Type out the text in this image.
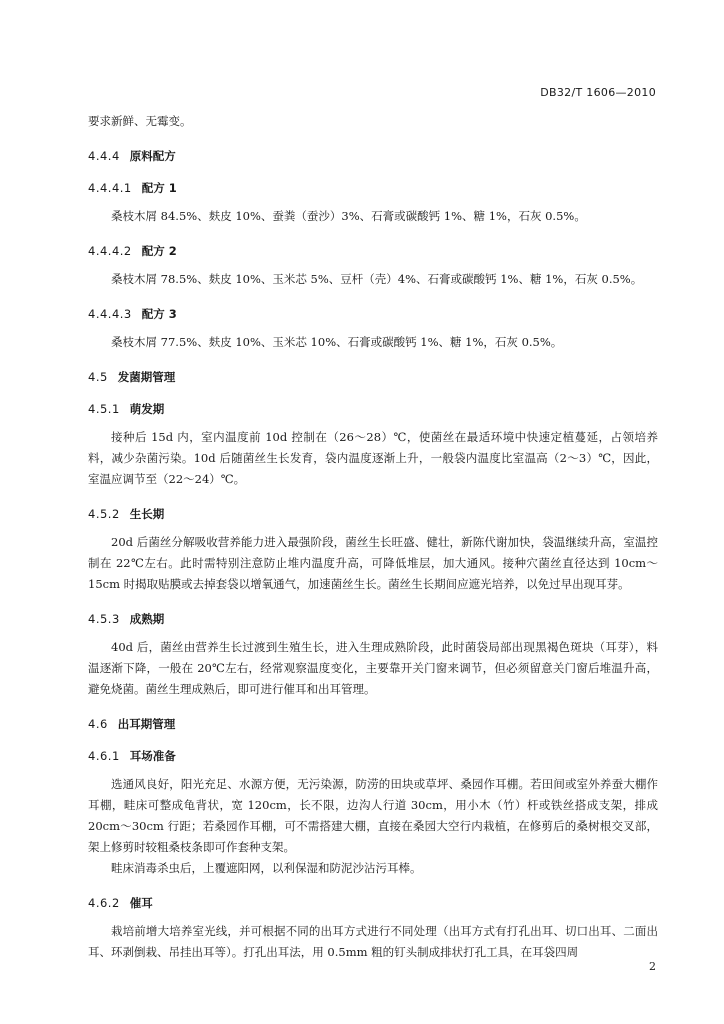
DB32/T 1606—2010

要求新鲜、无霉变。

4.4.4 原料配方
4.4.4.1 配方 1

桑枝木屑 84.5%、麸皮 10%、蚕粪（蚕沙）3%、石膏或碳酸钙 1%、糖 1%，石灰 0.5%。

4.4.4.2 配方 2

桑枝木屑 78.5%、麸皮 10%、玉米芯 5%、豆杆（壳）4%、石膏或碳酸钙 1%、糖 1%，石灰 0.5%。

4.4.4.3 配方 3

桑枝木屑 77.5%、麸皮 10%、玉米芯 10%、石膏或碳酸钙 1%、糖 1%，石灰 0.5%。

4.5 发菌期管理
4.5.1 萌发期

接种后 15d 内，室内温度前 10d 控制在（26～28）℃，使菌丝在最适环境中快速定植蔓延，占领培养料，减少杂菌污染。10d 后随菌丝生长发育，袋内温度逐渐上升，一般袋内温度比室温高（2～3）℃，因此，室温应调节至（22～24）℃。

4.5.2 生长期

20d 后菌丝分解吸收营养能力进入最强阶段，菌丝生长旺盛、健壮，新陈代谢加快，袋温继续升高，室温控制在 22℃左右。此时需特别注意防止堆内温度升高，可降低堆层，加大通风。接种穴菌丝直径达到 10cm～15cm 时揭取贴膜或去掉套袋以增氧通气，加速菌丝生长。菌丝生长期间应遮光培养，以免过早出现耳芽。

4.5.3 成熟期

40d 后，菌丝由营养生长过渡到生殖生长，进入生理成熟阶段，此时菌袋局部出现黑褐色斑块（耳芽），料温逐渐下降，一般在 20℃左右，经常观察温度变化，主要靠开关门窗来调节，但必须留意关门窗后堆温升高，避免烧菌。菌丝生理成熟后，即可进行催耳和出耳管理。

4.6 出耳期管理
4.6.1 耳场准备

选通风良好，阳光充足、水源方便，无污染源，防涝的田块或草坪、桑园作耳棚。若田间或室外养蚕大棚作耳棚，畦床可整成龟背状，宽 120cm，长不限，边沟人行道 30cm，用小木（竹）杆或铁丝搭成支架，排成 20cm～30cm 行距；若桑园作耳棚，可不需搭建大棚，直接在桑园大空行内栽植，在修剪后的桑树根交叉部，架上修剪时较粗桑枝条即可作套种支架。

畦床消毒杀虫后，上覆遮阳网，以利保湿和防泥沙沾污耳棒。

4.6.2 催耳

栽培前增大培养室光线，并可根据不同的出耳方式进行不同处理（出耳方式有打孔出耳、切口出耳、二面出耳、环剥倒栽、吊挂出耳等）。打孔出耳法，用 0.5mm 粗的钉头制成排状打孔工具，在耳袋四周

2
